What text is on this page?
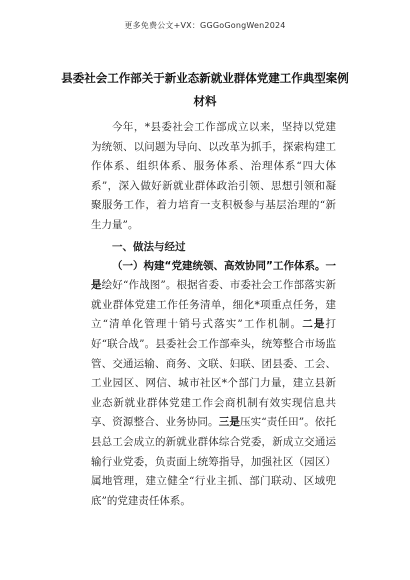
更多免费公文+VX：GGGoGongWen2024
县委社会工作部关于新业态新就业群体党建工作典型案例材料

今年，*县委社会工作部成立以来，坚持以党建为统领、以问题为导向、以改革为抓手，探索构建工作体系、组织体系、服务体系、治理体系“四大体系”，深入做好新就业群体政治引领、思想引领和凝聚服务工作，着力培育一支积极参与基层治理的“新生力量”。

一、做法与经过

（一）构建“党建统领、高效协同”工作体系。一是绘好“作战图”。根据省委、市委社会工作部落实新就业群体党建工作任务清单，细化*项重点任务，建立“清单化管理十销号式落实”工作机制。二是打好“联合战”。县委社会工作部牵头，统筹整合市场监管、交通运输、商务、文联、妇联、团县委、工会、工业园区、网信、城市社区*个部门力量，建立县新业态新就业群体党建工作会商机制有效实现信息共享、资源整合、业务协同。三是压实“责任田”。依托县总工会成立的新就业群体综合党委，新成立交通运输行业党委，负责面上统筹指导，加强社区（园区）属地管理，建立健全“行业主抓、部门联动、区域兜底”的党建责任体系。
